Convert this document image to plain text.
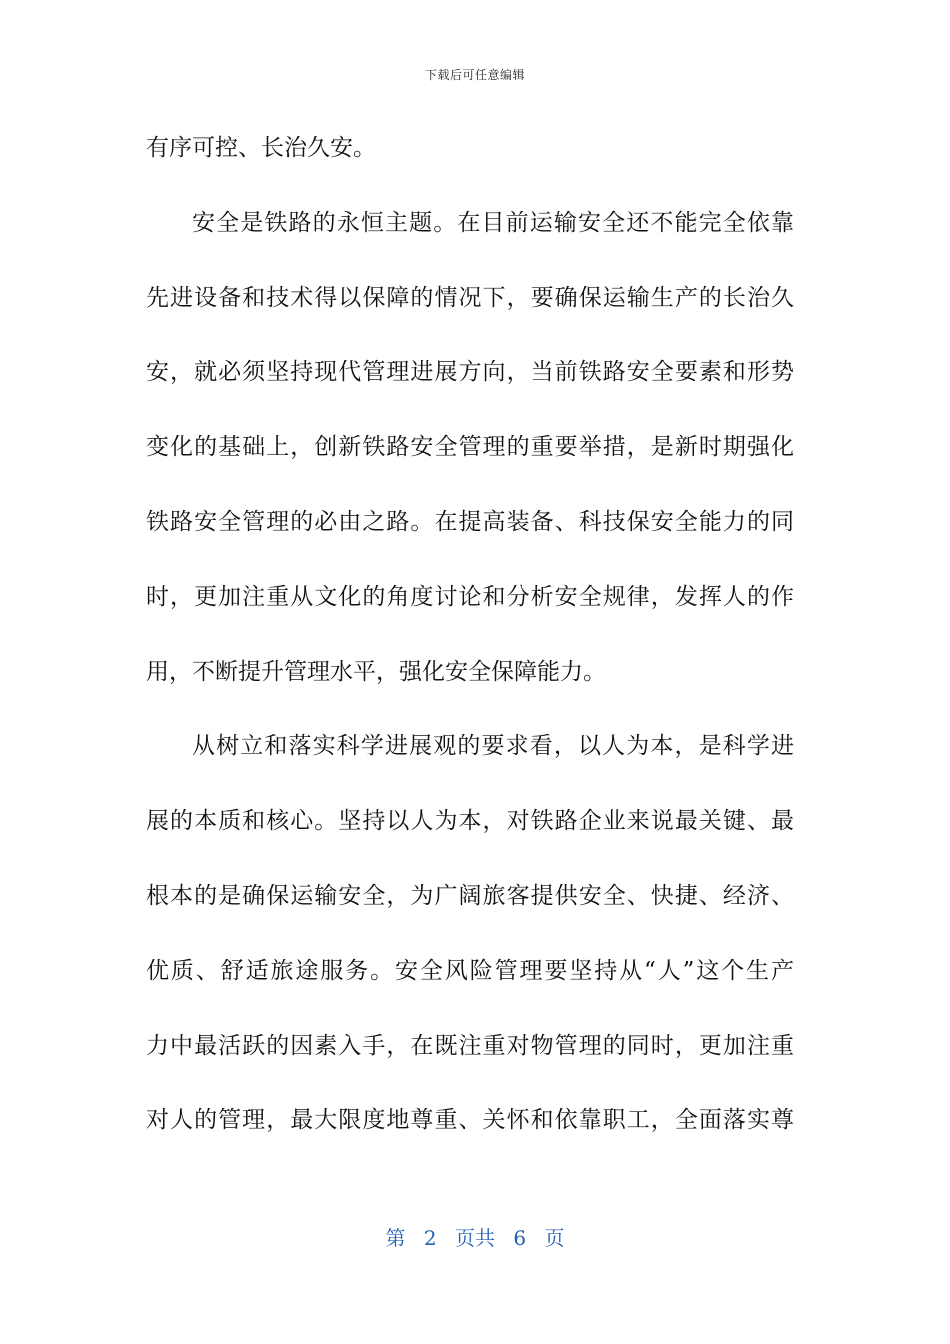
下载后可任意编辑
有序可控、长治久安。
安全是铁路的永恒主题。在目前运输安全还不能完全依靠
先进设备和技术得以保障的情况下，要确保运输生产的长治久
安，就必须坚持现代管理进展方向，当前铁路安全要素和形势
变化的基础上，创新铁路安全管理的重要举措，是新时期强化
铁路安全管理的必由之路。在提高装备、科技保安全能力的同
时，更加注重从文化的角度讨论和分析安全规律，发挥人的作
用，不断提升管理水平，强化安全保障能力。
从树立和落实科学进展观的要求看，以人为本，是科学进
展的本质和核心。坚持以人为本，对铁路企业来说最关键、最
根本的是确保运输安全，为广阔旅客提供安全、快捷、经济、
优质、舒适旅途服务。安全风险管理要坚持从“人”这个生产
力中最活跃的因素入手，在既注重对物管理的同时，更加注重
对人的管理，最大限度地尊重、关怀和依靠职工，全面落实尊
第 2 页共 6 页
